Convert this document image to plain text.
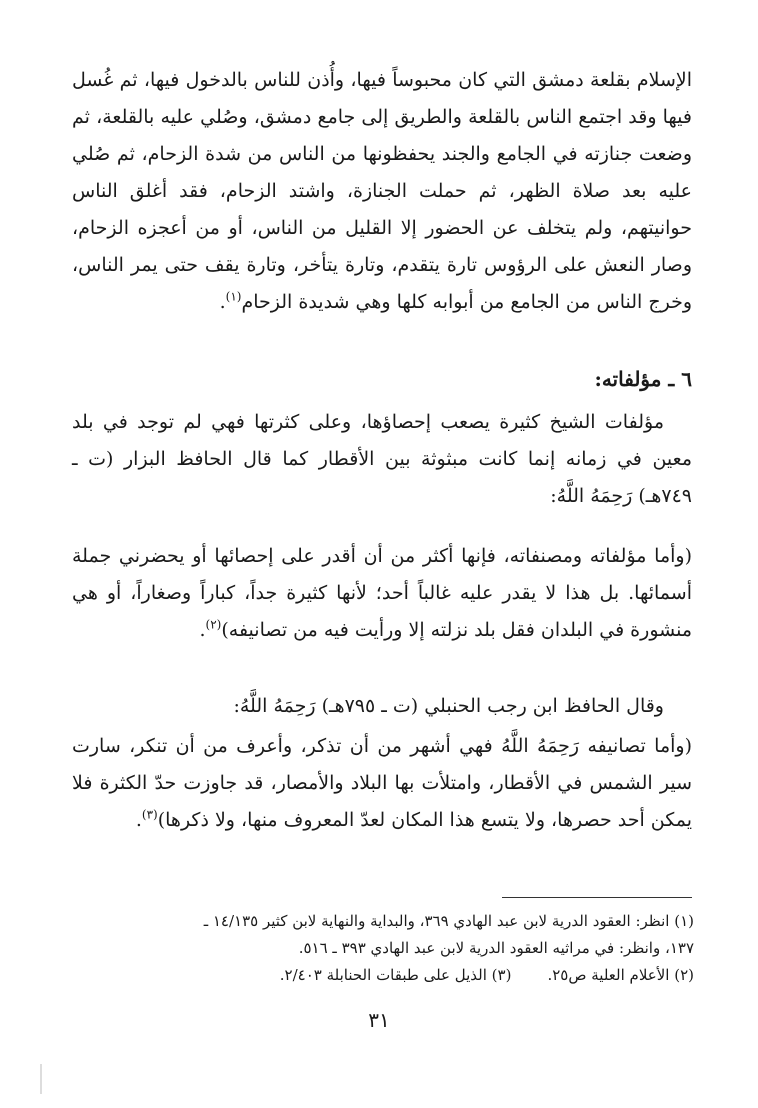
الإسلام بقلعة دمشق التي كان محبوساً فيها، وأُذن للناس بالدخول فيها، ثم غُسل فيها وقد اجتمع الناس بالقلعة والطريق إلى جامع دمشق، وصُلي عليه بالقلعة، ثم وضعت جنازته في الجامع والجند يحفظونها من الناس من شدة الزحام، ثم صُلي عليه بعد صلاة الظهر، ثم حملت الجنازة، واشتد الزحام، فقد أغلق الناس حوانيتهم، ولم يتخلف عن الحضور إلا القليل من الناس، أو من أعجزه الزحام، وصار النعش على الرؤوس تارة يتقدم، وتارة يتأخر، وتارة يقف حتى يمر الناس، وخرج الناس من الجامع من أبوابه كلها وهي شديدة الزحام$^{(١)}$.
٦ ـ مؤلفاته:
مؤلفات الشيخ كثيرة يصعب إحصاؤها، وعلى كثرتها فهي لم توجد في بلد معين في زمانه إنما كانت مبثوثة بين الأقطار كما قال الحافظ البزار (ت ـ ٧٤٩هـ) رَحِمَهُ اللَّهُ:
(وأما مؤلفاته ومصنفاته، فإنها أكثر من أن أقدر على إحصائها أو يحضرني جملة أسمائها. بل هذا لا يقدر عليه غالباً أحد؛ لأنها كثيرة جداً، كباراً وصغاراً، أو هي منشورة في البلدان فقل بلد نزلته إلا ورأيت فيه من تصانيفه)$^{(٢)}$.
وقال الحافظ ابن رجب الحنبلي (ت ـ ٧٩٥هـ) رَحِمَهُ اللَّهُ:
(وأما تصانيفه رَحِمَهُ اللَّهُ فهي أشهر من أن تذكر، وأعرف من أن تنكر، سارت سير الشمس في الأقطار، وامتلأت بها البلاد والأمصار، قد جاوزت حدّ الكثرة فلا يمكن أحد حصرها، ولا يتسع هذا المكان لعدّ المعروف منها، ولا ذكرها)$^{(٣)}$.
(١) انظر: العقود الدرية لابن عبد الهادي ٣٦٩، والبداية والنهاية لابن كثير ١٤/١٣٥ ـ
١٣٧، وانظر: في مراثيه العقود الدرية لابن عبد الهادي ٣٩٣ ـ ٥١٦.
(٢) الأعلام العلية ص٢٥.(٣) الذيل على طبقات الحنابلة ٢/٤٠٣.
٣١
